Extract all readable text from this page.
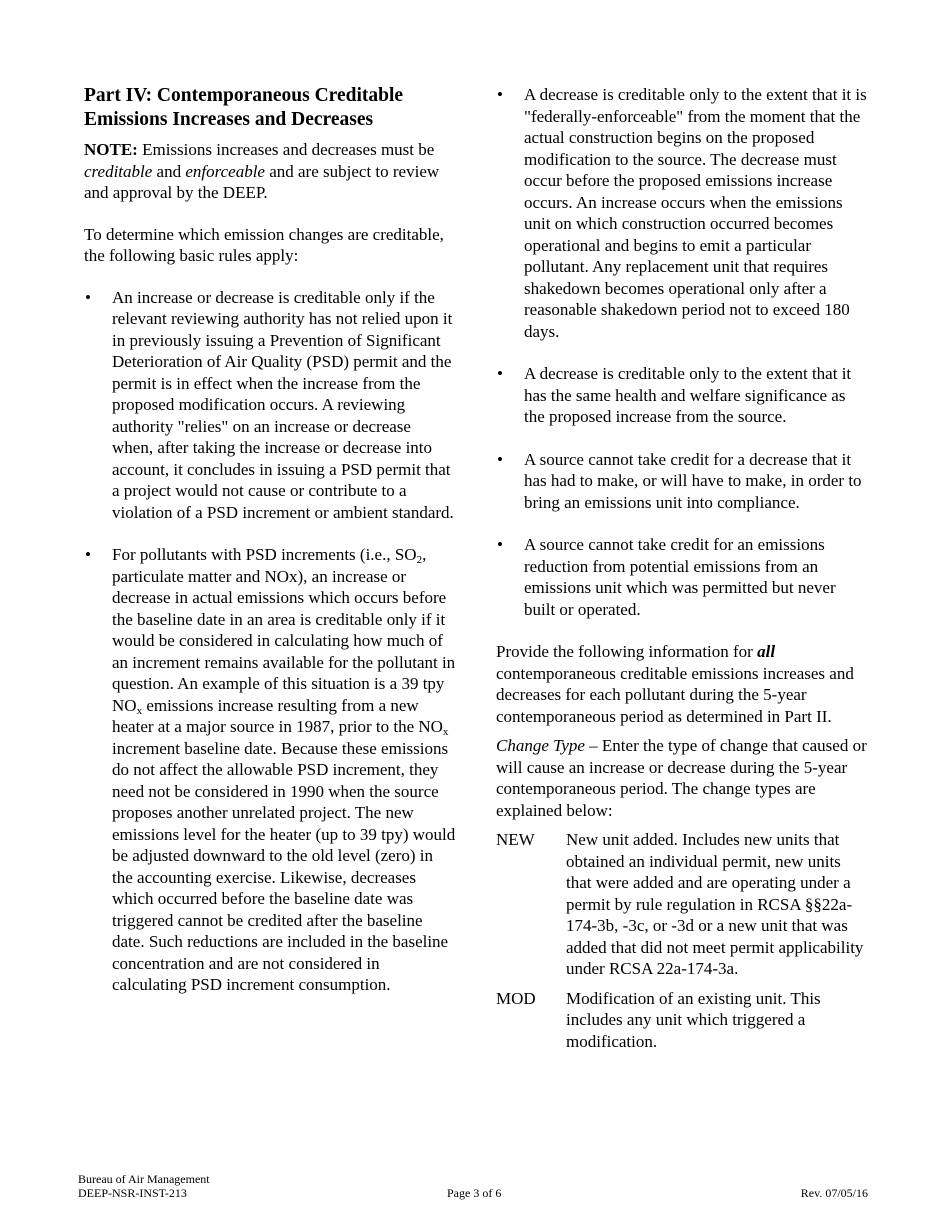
Part IV: Contemporaneous Creditable Emissions Increases and Decreases

NOTE: Emissions increases and decreases must be creditable and enforceable and are subject to review and approval by the DEEP.

To determine which emission changes are creditable, the following basic rules apply:

• An increase or decrease is creditable only if the relevant reviewing authority has not relied upon it in previously issuing a Prevention of Significant Deterioration of Air Quality (PSD) permit and the permit is in effect when the increase from the proposed modification occurs. A reviewing authority "relies" on an increase or decrease when, after taking the increase or decrease into account, it concludes in issuing a PSD permit that a project would not cause or contribute to a violation of a PSD increment or ambient standard.
• For pollutants with PSD increments (i.e., $SO_2$, particulate matter and NOx), an increase or decrease in actual emissions which occurs before the baseline date in an area is creditable only if it would be considered in calculating how much of an increment remains available for the pollutant in question. An example of this situation is a 39 tpy $NO_x$ emissions increase resulting from a new heater at a major source in 1987, prior to the $NO_x$ increment baseline date. Because these emissions do not affect the allowable PSD increment, they need not be considered in 1990 when the source proposes another unrelated project. The new emissions level for the heater (up to 39 tpy) would be adjusted downward to the old level (zero) in the accounting exercise. Likewise, decreases which occurred before the baseline date was triggered cannot be credited after the baseline date. Such reductions are included in the baseline concentration and are not considered in calculating PSD increment consumption.
• A decrease is creditable only to the extent that it is "federally-enforceable" from the moment that the actual construction begins on the proposed modification to the source. The decrease must occur before the proposed emissions increase occurs. An increase occurs when the emissions unit on which construction occurred becomes operational and begins to emit a particular pollutant. Any replacement unit that requires shakedown becomes operational only after a reasonable shakedown period not to exceed 180 days.
• A decrease is creditable only to the extent that it has the same health and welfare significance as the proposed increase from the source.
• A source cannot take credit for a decrease that it has had to make, or will have to make, in order to bring an emissions unit into compliance.
• A source cannot take credit for an emissions reduction from potential emissions from an emissions unit which was permitted but never built or operated.

Provide the following information for all contemporaneous creditable emissions increases and decreases for each pollutant during the 5-year contemporaneous period as determined in Part II.

Change Type – Enter the type of change that caused or will cause an increase or decrease during the 5-year contemporaneous period. The change types are explained below:

NEW	New unit added. Includes new units that obtained an individual permit, new units that were added and are operating under a permit by rule regulation in RCSA §§22a-174-3b, -3c, or -3d or a new unit that was added that did not meet permit applicability under RCSA 22a-174-3a.
MOD	Modification of an existing unit. This includes any unit which triggered a modification.
Bureau of Air Management
DEEP-NSR-INST-213	Page 3 of 6	Rev. 07/05/16
